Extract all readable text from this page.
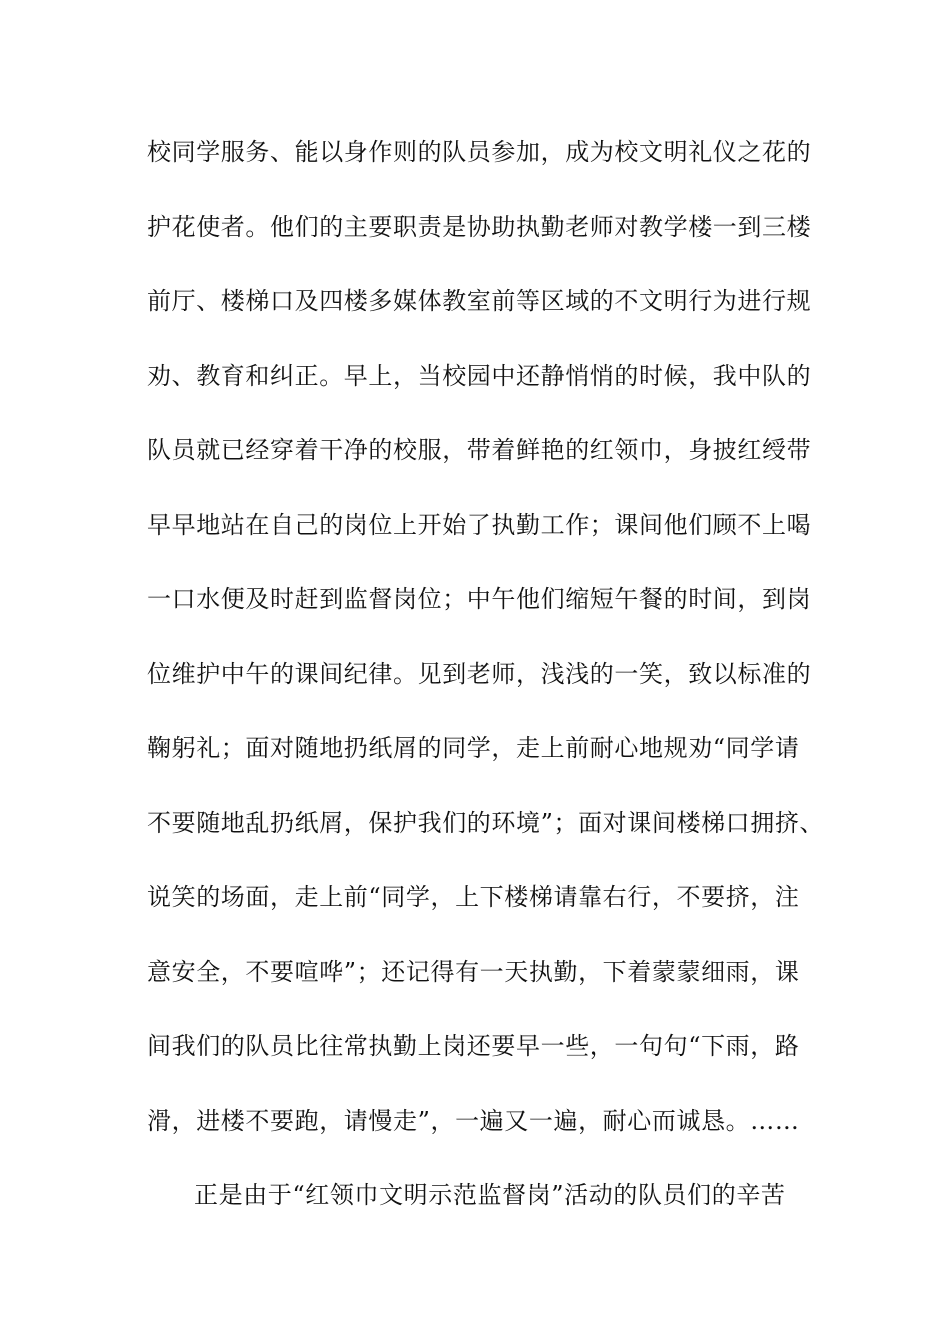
校同学服务、能以身作则的队员参加，成为校文明礼仪之花的
护花使者。他们的主要职责是协助执勤老师对教学楼一到三楼
前厅、楼梯口及四楼多媒体教室前等区域的不文明行为进行规
劝、教育和纠正。早上，当校园中还静悄悄的时候，我中队的
队员就已经穿着干净的校服，带着鲜艳的红领巾，身披红绶带
早早地站在自己的岗位上开始了执勤工作；课间他们顾不上喝
一口水便及时赶到监督岗位；中午他们缩短午餐的时间，到岗
位维护中午的课间纪律。见到老师，浅浅的一笑，致以标准的
鞠躬礼；面对随地扔纸屑的同学，走上前耐心地规劝“同学请
不要随地乱扔纸屑，保护我们的环境”；面对课间楼梯口拥挤、
说笑的场面，走上前“同学，上下楼梯请靠右行，不要挤，注
意安全，不要喧哗”；还记得有一天执勤，下着蒙蒙细雨，课
间我们的队员比往常执勤上岗还要早一些，一句句“下雨，路
滑，进楼不要跑，请慢走”，一遍又一遍，耐心而诚恳。……
正是由于“红领巾文明示范监督岗”活动的队员们的辛苦
